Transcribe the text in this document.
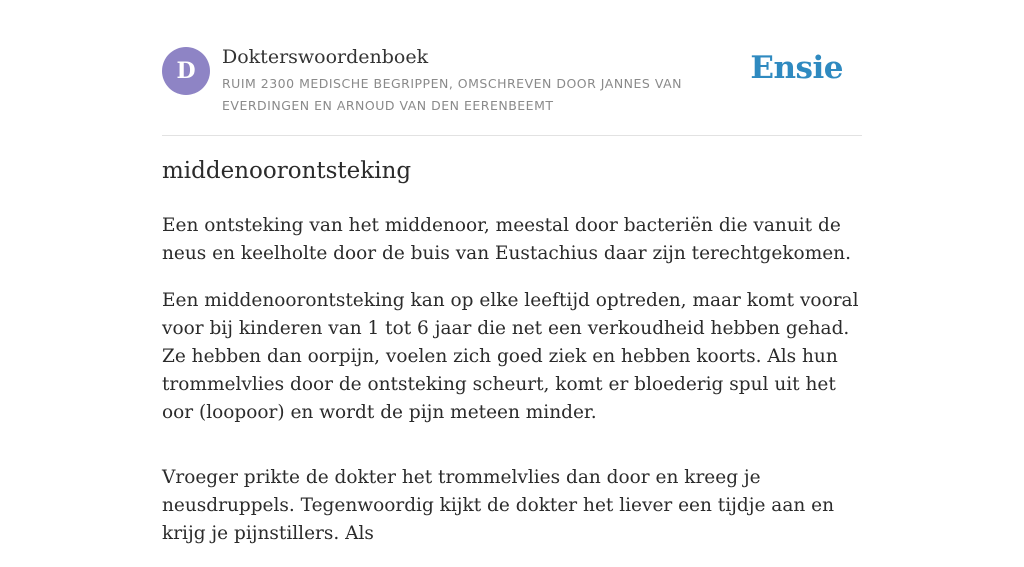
D
Dokterswoordenboek
RUIM 2300 MEDISCHE BEGRIPPEN, OMSCHREVEN DOOR JANNES VAN EVERDINGEN EN ARNOUD VAN DEN EERENBEEMT
Ensie
middenoorontsteking

Een ontsteking van het middenoor, meestal door bacteriën die vanuit de neus en keelholte door de buis van Eustachius daar zijn terechtgekomen.

Een middenoorontsteking kan op elke leeftijd optreden, maar komt vooral voor bij kinderen van 1 tot 6 jaar die net een verkoudheid hebben gehad. Ze hebben dan oorpijn, voelen zich goed ziek en hebben koorts. Als hun trommelvlies door de ontsteking scheurt, komt er bloederig spul uit het oor (loopoor) en wordt de pijn meteen minder.

Vroeger prikte de dokter het trommelvlies dan door en kreeg je neusdruppels. Tegenwoordig kijkt de dokter het liever een tijdje aan en krijg je pijnstillers. Als
